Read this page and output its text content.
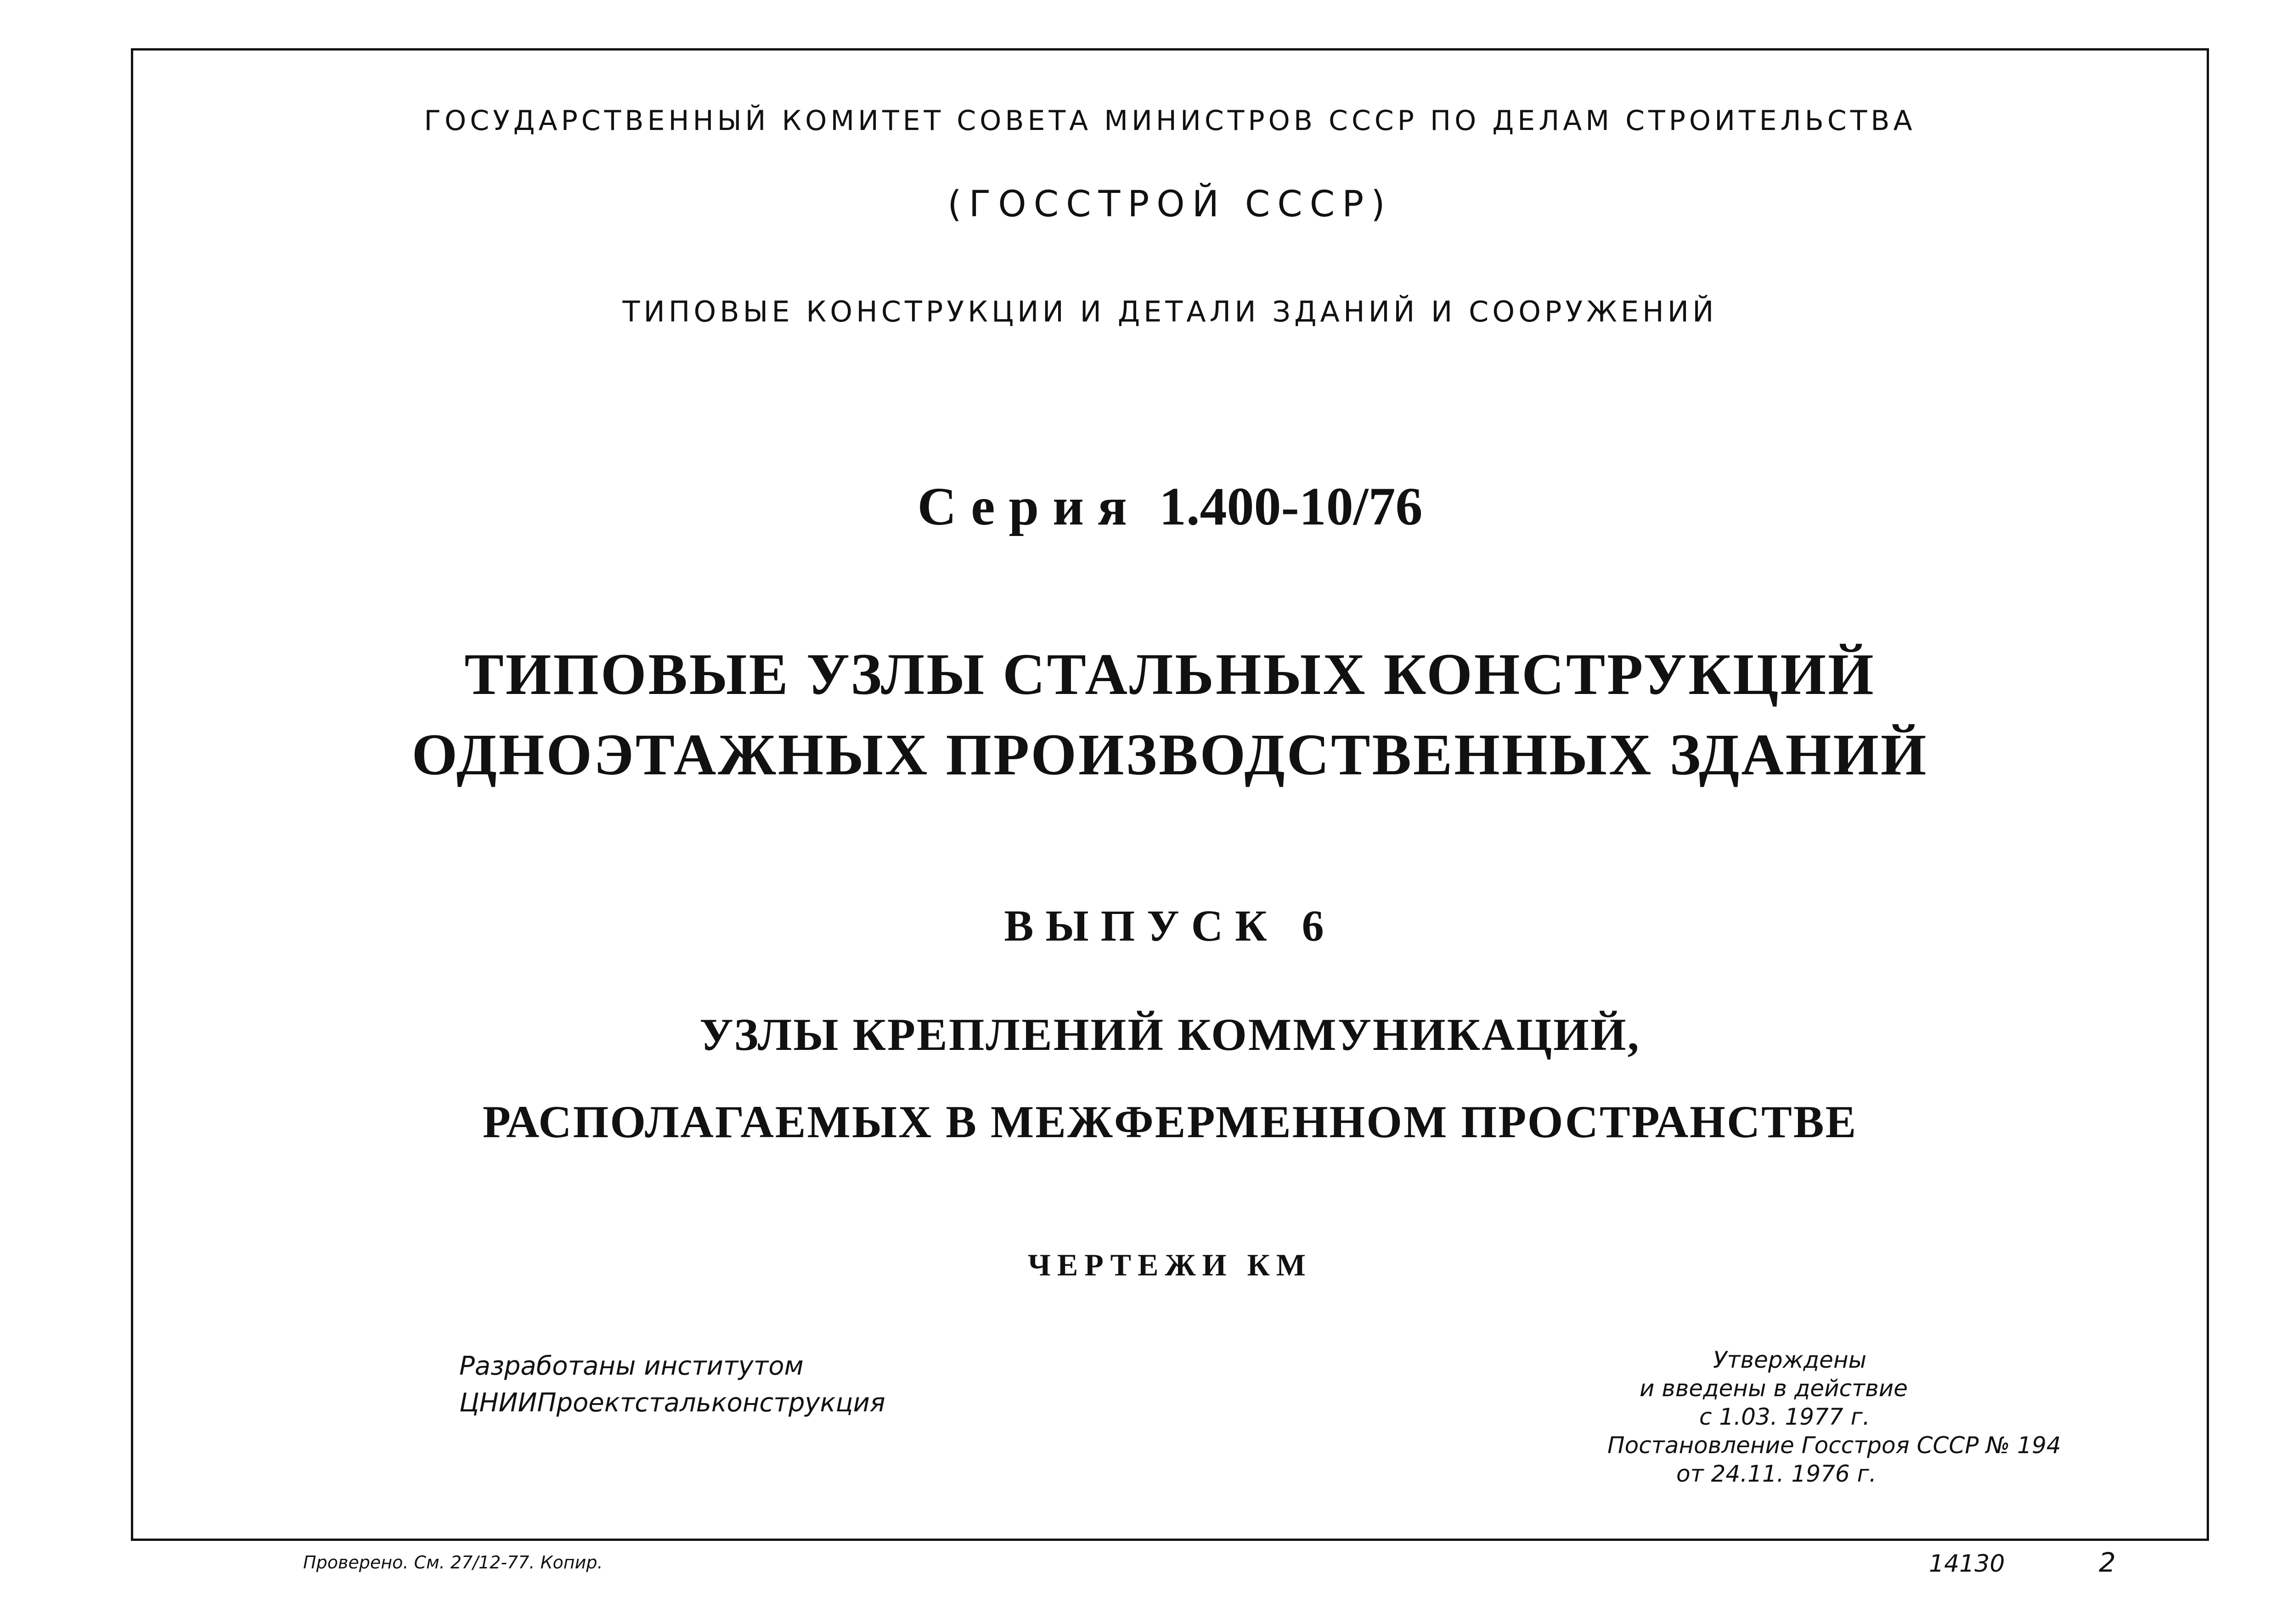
ГОСУДАРСТВЕННЫЙ КОМИТЕТ СОВЕТА МИНИСТРОВ СССР ПО ДЕЛАМ СТРОИТЕЛЬСТВА
(ГОССТРОЙ СССР)
ТИПОВЫЕ КОНСТРУКЦИИ И ДЕТАЛИ ЗДАНИЙ И СООРУЖЕНИЙ
Серия 1.400-10/76
ТИПОВЫЕ УЗЛЫ СТАЛЬНЫХ КОНСТРУКЦИЙ
ОДНОЭТАЖНЫХ ПРОИЗВОДСТВЕННЫХ ЗДАНИЙ
ВЫПУСК 6
УЗЛЫ КРЕПЛЕНИЙ КОММУНИКАЦИЙ,
РАСПОЛАГАЕМЫХ В МЕЖФЕРМЕННОМ ПРОСТРАНСТВЕ
ЧЕРТЕЖИ КМ
Разработаны институтом
ЦНИИПроектстальконструкция
Утверждены
и введены в действие
с 1.03. 1977 г.
Постановление Госстроя СССР № 194
от 24.11. 1976 г.
Проверено. См. 27/12-77. Копир.	14130	2
